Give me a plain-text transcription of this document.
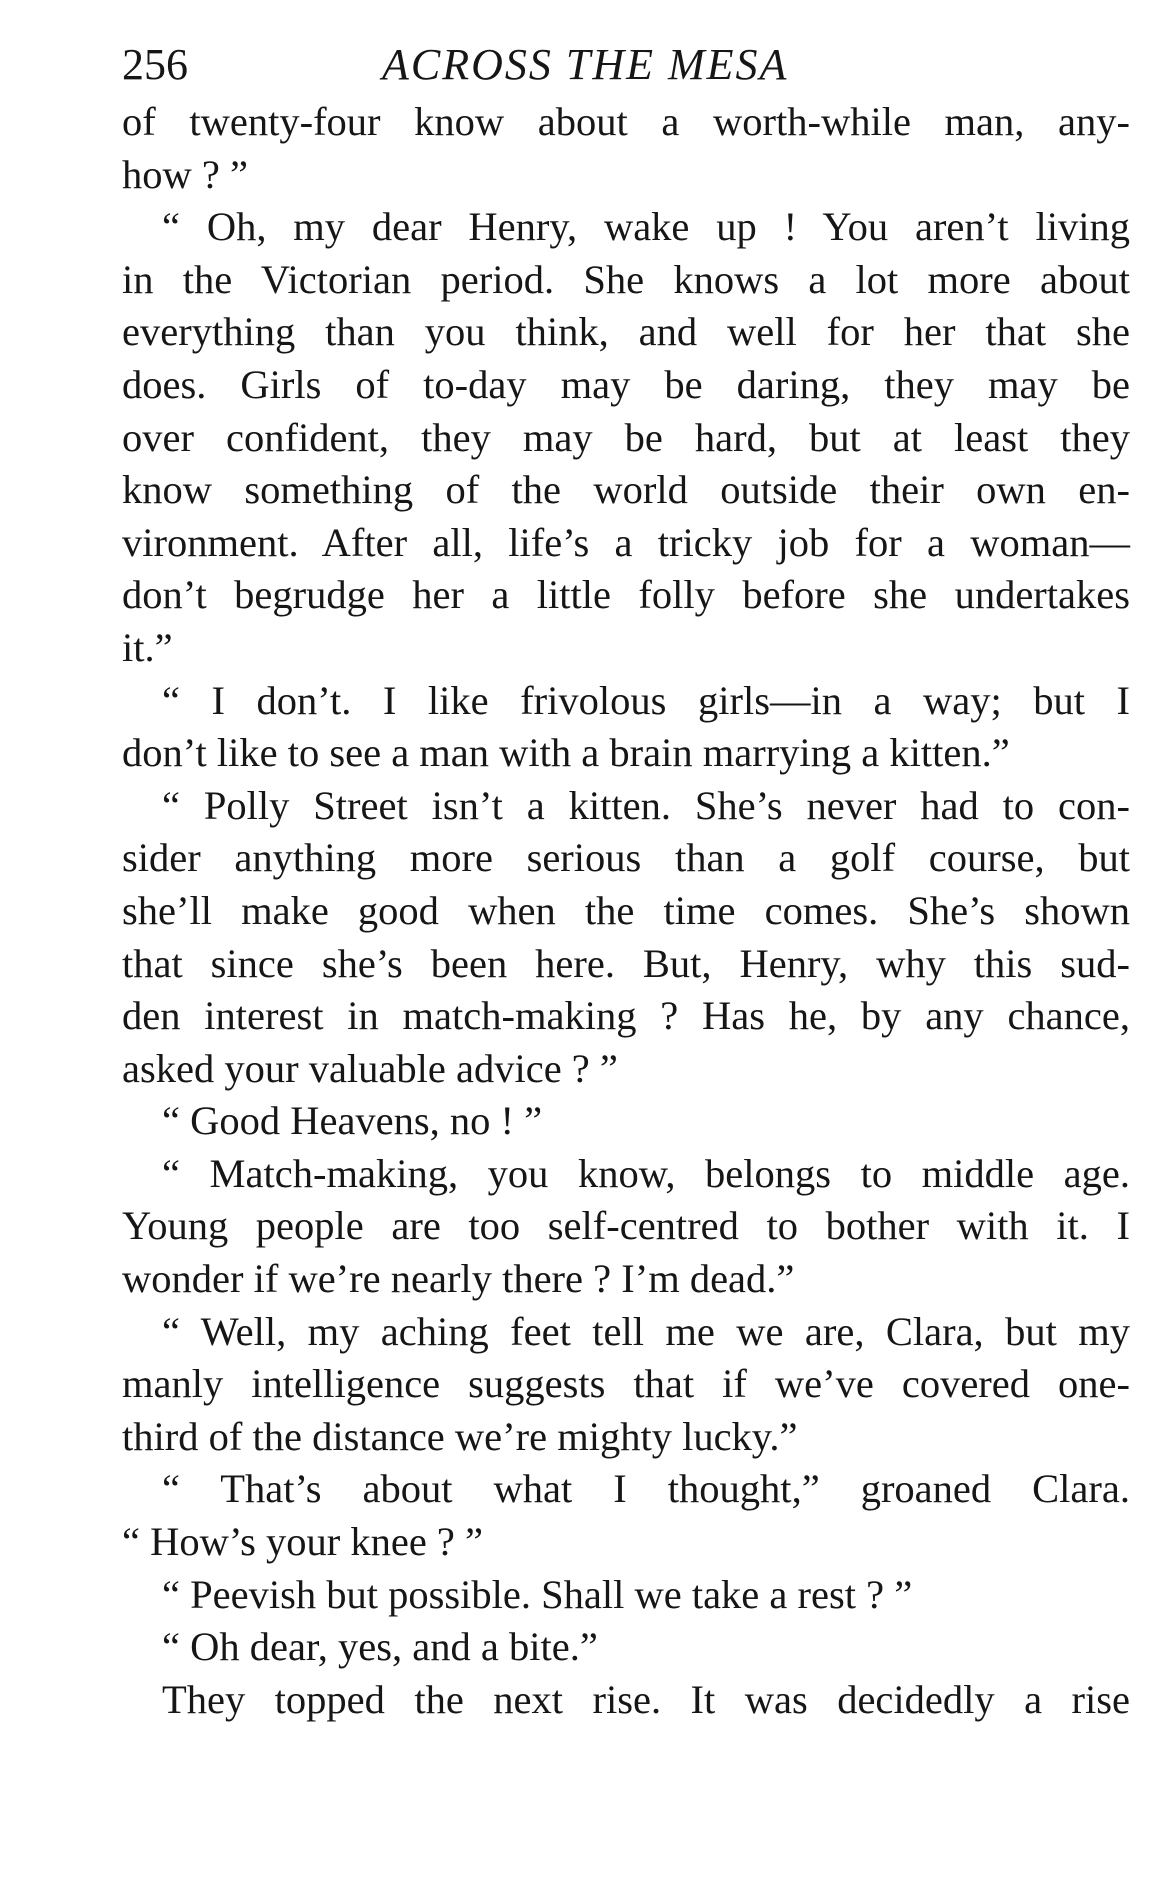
256	ACROSS THE MESA
of twenty-four know about a worth-while man, any-
how ? ”
“ Oh, my dear Henry, wake up ! You aren’t living
in the Victorian period. She knows a lot more about
everything than you think, and well for her that she
does. Girls of to-day may be daring, they may be
over confident, they may be hard, but at least they
know something of the world outside their own en-
vironment. After all, life’s a tricky job for a woman—
don’t begrudge her a little folly before she undertakes
it.”
“ I don’t. I like frivolous girls—in a way; but I
don’t like to see a man with a brain marrying a kitten.”
“ Polly Street isn’t a kitten. She’s never had to con-
sider anything more serious than a golf course, but
she’ll make good when the time comes. She’s shown
that since she’s been here. But, Henry, why this sud-
den interest in match-making ? Has he, by any chance,
asked your valuable advice ? ”
“ Good Heavens, no ! ”
“ Match-making, you know, belongs to middle age.
Young people are too self-centred to bother with it. I
wonder if we’re nearly there ? I’m dead.”
“ Well, my aching feet tell me we are, Clara, but my
manly intelligence suggests that if we’ve covered one-
third of the distance we’re mighty lucky.”
“ That’s about what I thought,” groaned Clara.
“ How’s your knee ? ”
“ Peevish but possible. Shall we take a rest ? ”
“ Oh dear, yes, and a bite.”
They topped the next rise. It was decidedly a rise
